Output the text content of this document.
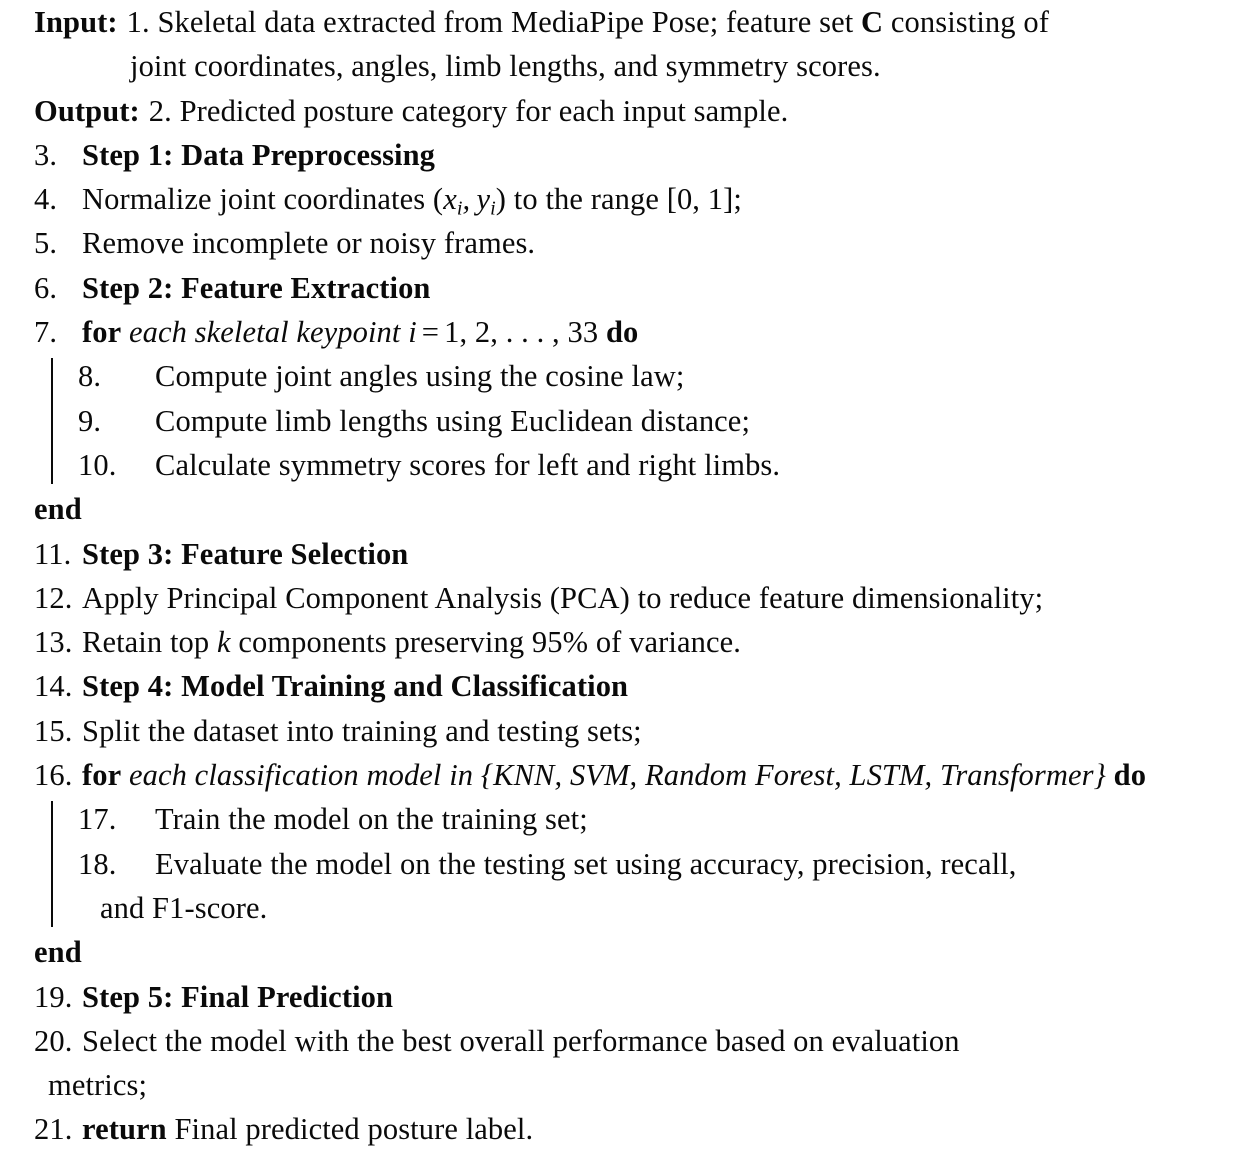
Input: 1. Skeletal data extracted from MediaPipe Pose; feature set C consisting of
joint coordinates, angles, limb lengths, and symmetry scores.
Output: 2. Predicted posture category for each input sample.
3. Step 1: Data Preprocessing
4. Normalize joint coordinates ($x_i$,  $y_i$) to the range [0, 1];
5. Remove incomplete or noisy frames.
6. Step 2: Feature Extraction
7. for each skeletal keypoint i = 1, 2, . . . , 33 do
8. Compute joint angles using the cosine law;
9. Compute limb lengths using Euclidean distance;
10. Calculate symmetry scores for left and right limbs.
end
11. Step 3: Feature Selection
12. Apply Principal Component Analysis (PCA) to reduce feature dimensionality;
13. Retain top k components preserving 95% of variance.
14. Step 4: Model Training and Classification
15. Split the dataset into training and testing sets;
16. for each classification model in {KNN, SVM, Random Forest, LSTM, Transformer} do
17. Train the model on the training set;
18. Evaluate the model on the testing set using accuracy, precision, recall,
and F1-score.
end
19. Step 5: Final Prediction
20. Select the model with the best overall performance based on evaluation
metrics;
21. return Final predicted posture label.
